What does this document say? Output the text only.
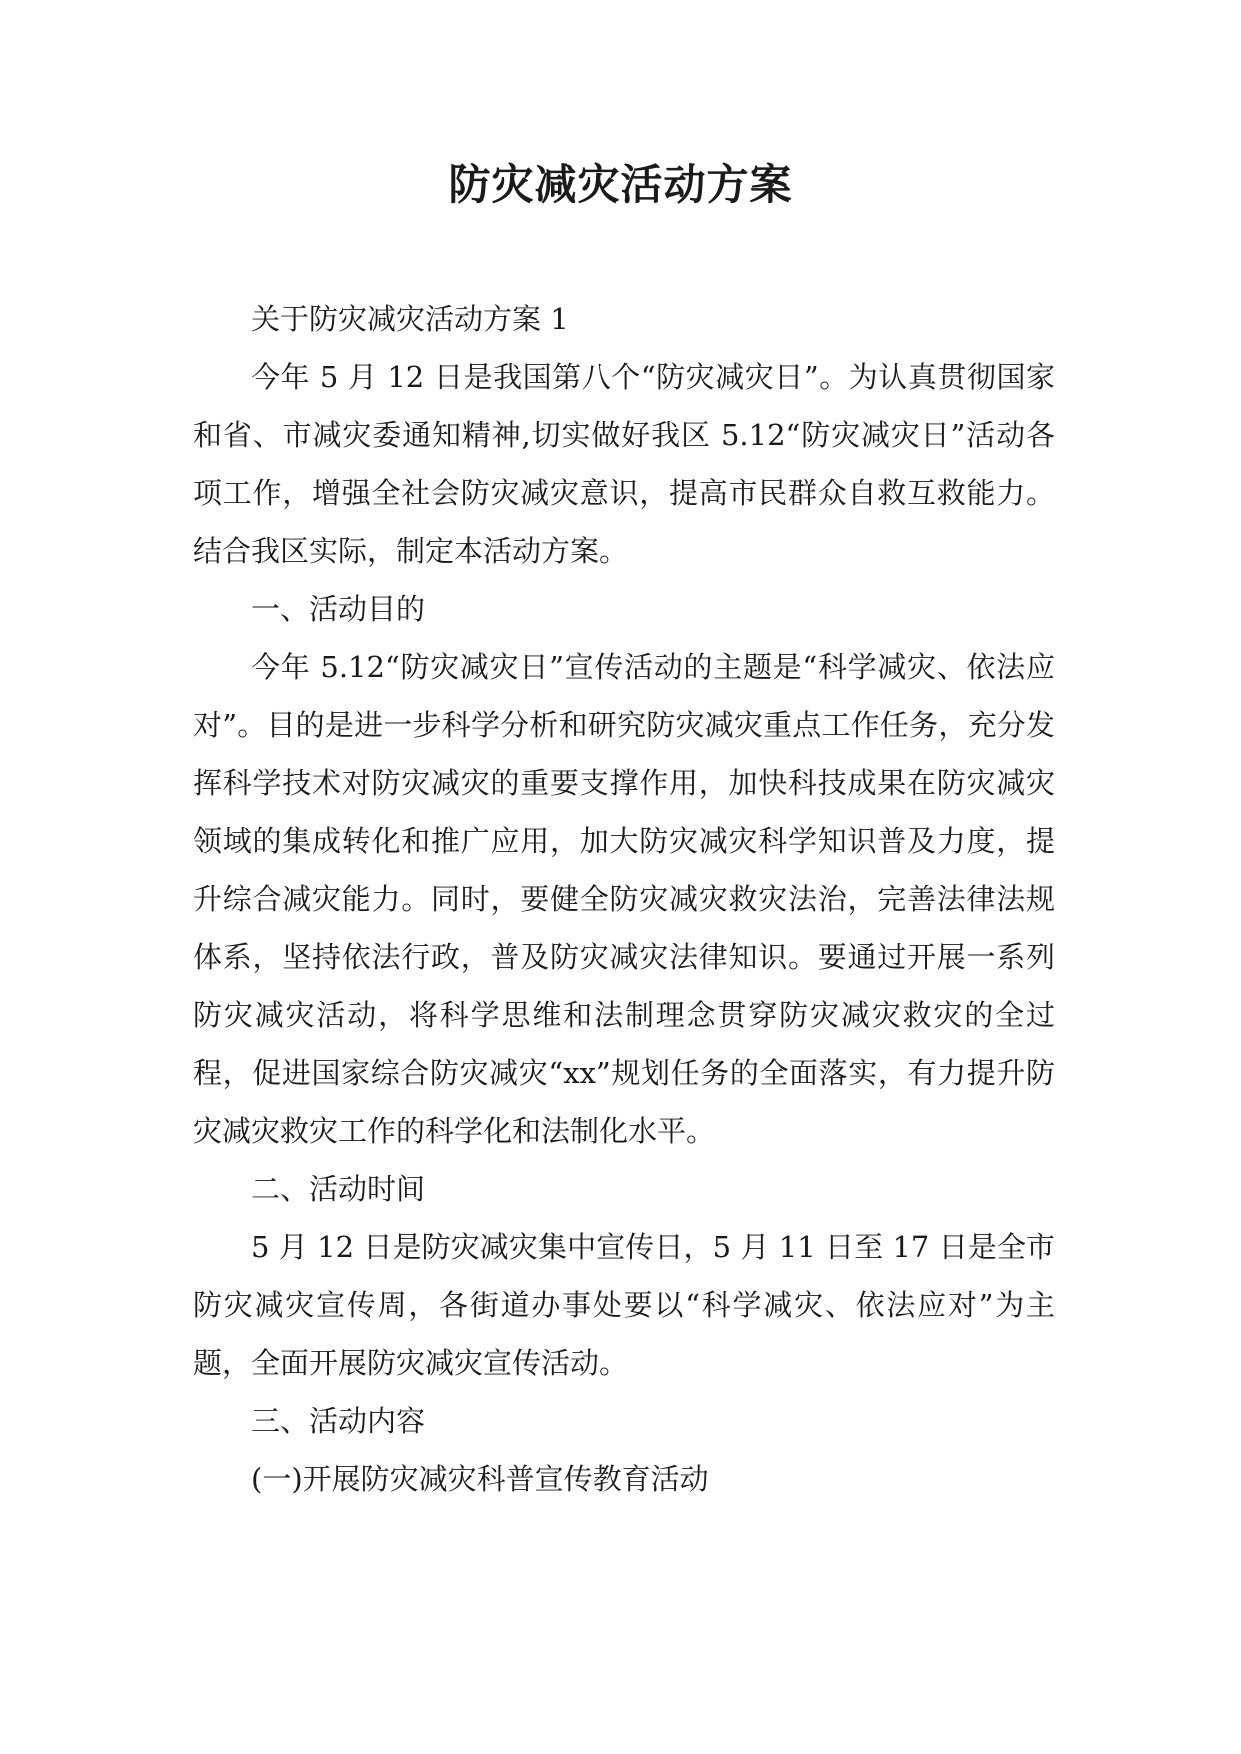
防灾减灾活动方案

关于防灾减灾活动方案 1

今年 5 月 12 日是我国第八个“防灾减灾日”。为认真贯彻国家和省、市减灾委通知精神,切实做好我区 5.12“防灾减灾日”活动各项工作，增强全社会防灾减灾意识，提高市民群众自救互救能力。结合我区实际，制定本活动方案。

一、活动目的

今年 5.12“防灾减灾日”宣传活动的主题是“科学减灾、依法应对”。目的是进一步科学分析和研究防灾减灾重点工作任务，充分发挥科学技术对防灾减灾的重要支撑作用，加快科技成果在防灾减灾领域的集成转化和推广应用，加大防灾减灾科学知识普及力度，提升综合减灾能力。同时，要健全防灾减灾救灾法治，完善法律法规体系，坚持依法行政，普及防灾减灾法律知识。要通过开展一系列防灾减灾活动，将科学思维和法制理念贯穿防灾减灾救灾的全过程，促进国家综合防灾减灾“xx”规划任务的全面落实，有力提升防灾减灾救灾工作的科学化和法制化水平。

二、活动时间

5 月 12 日是防灾减灾集中宣传日，5 月 11 日至 17 日是全市防灾减灾宣传周，各街道办事处要以“科学减灾、依法应对”为主题，全面开展防灾减灾宣传活动。

三、活动内容

(一)开展防灾减灾科普宣传教育活动
